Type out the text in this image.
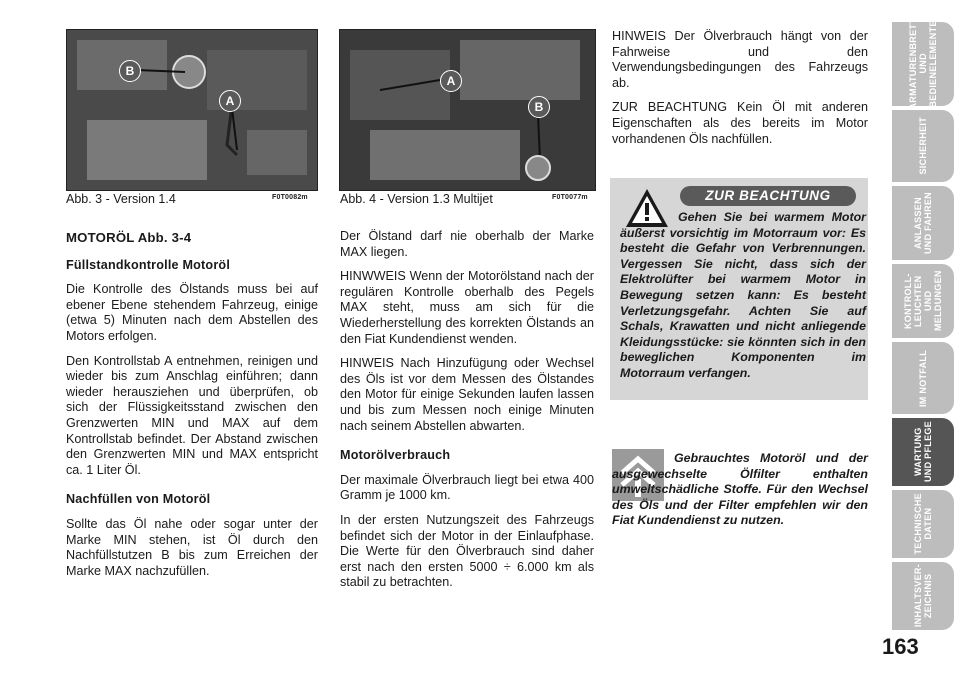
B
A
Abb. 3 - Version 1.4	F0T0082m
A
B
Abb. 4 - Version 1.3 Multijet	F0T0077m

MOTORÖL Abb. 3-4

Füllstandkontrolle Motoröl

Die Kontrolle des Ölstands muss bei auf ebener Ebene stehendem Fahrzeug, einige (etwa 5) Minuten nach dem Abstellen des Motors erfolgen.

Den Kontrollstab A entnehmen, reinigen und wieder bis zum Anschlag einführen; dann wieder herausziehen und überprüfen, ob sich der Flüssigkeitsstand zwischen den Grenzwerten MIN und MAX auf dem Kontrollstab befindet. Der Abstand zwischen den Grenzwerten MIN und MAX entspricht ca. 1 Liter Öl.

Nachfüllen von Motoröl

Sollte das Öl nahe oder sogar unter der Marke MIN stehen, ist Öl durch den Nachfüllstutzen B bis zum Erreichen der Marke MAX nachzufüllen.

Der Ölstand darf nie oberhalb der Marke MAX liegen.

HINWWEIS Wenn der Motorölstand nach der regulären Kontrolle oberhalb des Pegels MAX steht, muss am sich für die Wiederherstellung des korrekten Ölstands an den Fiat Kundendienst wenden.

HINWEIS Nach Hinzufügung oder Wechsel des Öls ist vor dem Messen des Ölstandes den Motor für einige Sekunden laufen lassen und bis zum Messen noch einige Minuten nach seinem Abstellen abwarten.

Motorölverbrauch

Der maximale Ölverbrauch liegt bei etwa 400 Gramm je 1000 km.

In der ersten Nutzungszeit des Fahrzeugs befindet sich der Motor in der Einlaufphase. Die Werte für den Ölverbrauch sind daher erst nach den ersten 5000 ÷ 6.000 km als stabil zu betrachten.

HINWEIS Der Ölverbrauch hängt von der Fahrweise und den Verwendungsbedingungen des Fahrzeugs ab.

ZUR BEACHTUNG Kein Öl mit anderen Eigenschaften als des bereits im Motor vorhandenen Öls nachfüllen.

ZUR BEACHTUNG
Gehen Sie bei warmem Motor äußerst vorsichtig im Motorraum vor: Es besteht die Gefahr von Verbrennungen. Vergessen Sie nicht, dass sich der Elektrolüfter bei warmem Motor in Bewegung setzen kann: Es besteht Verletzungsgefahr. Achten Sie auf Schals, Krawatten und nicht anliegende Kleidungsstücke: sie könnten sich in den beweglichen Komponenten im Motorraum verfangen.
Gebrauchtes Motoröl und der ausgewechselte Ölfilter enthalten umweltschädliche Stoffe. Für den Wechsel des Öls und der Filter empfehlen wir den Fiat Kundendienst zu nutzen.
ARMATURENBRETT
UND
BEDIENELEMENTE
SICHERHEIT
ANLASSEN
UND FAHREN
KONTROLL-
LEUCHTEN UND
MELDUNGEN
IM NOTFALL
WARTUNG
UND PFLEGE
TECHNISCHE
DATEN
INHALTSVER-
ZEICHNIS
163
